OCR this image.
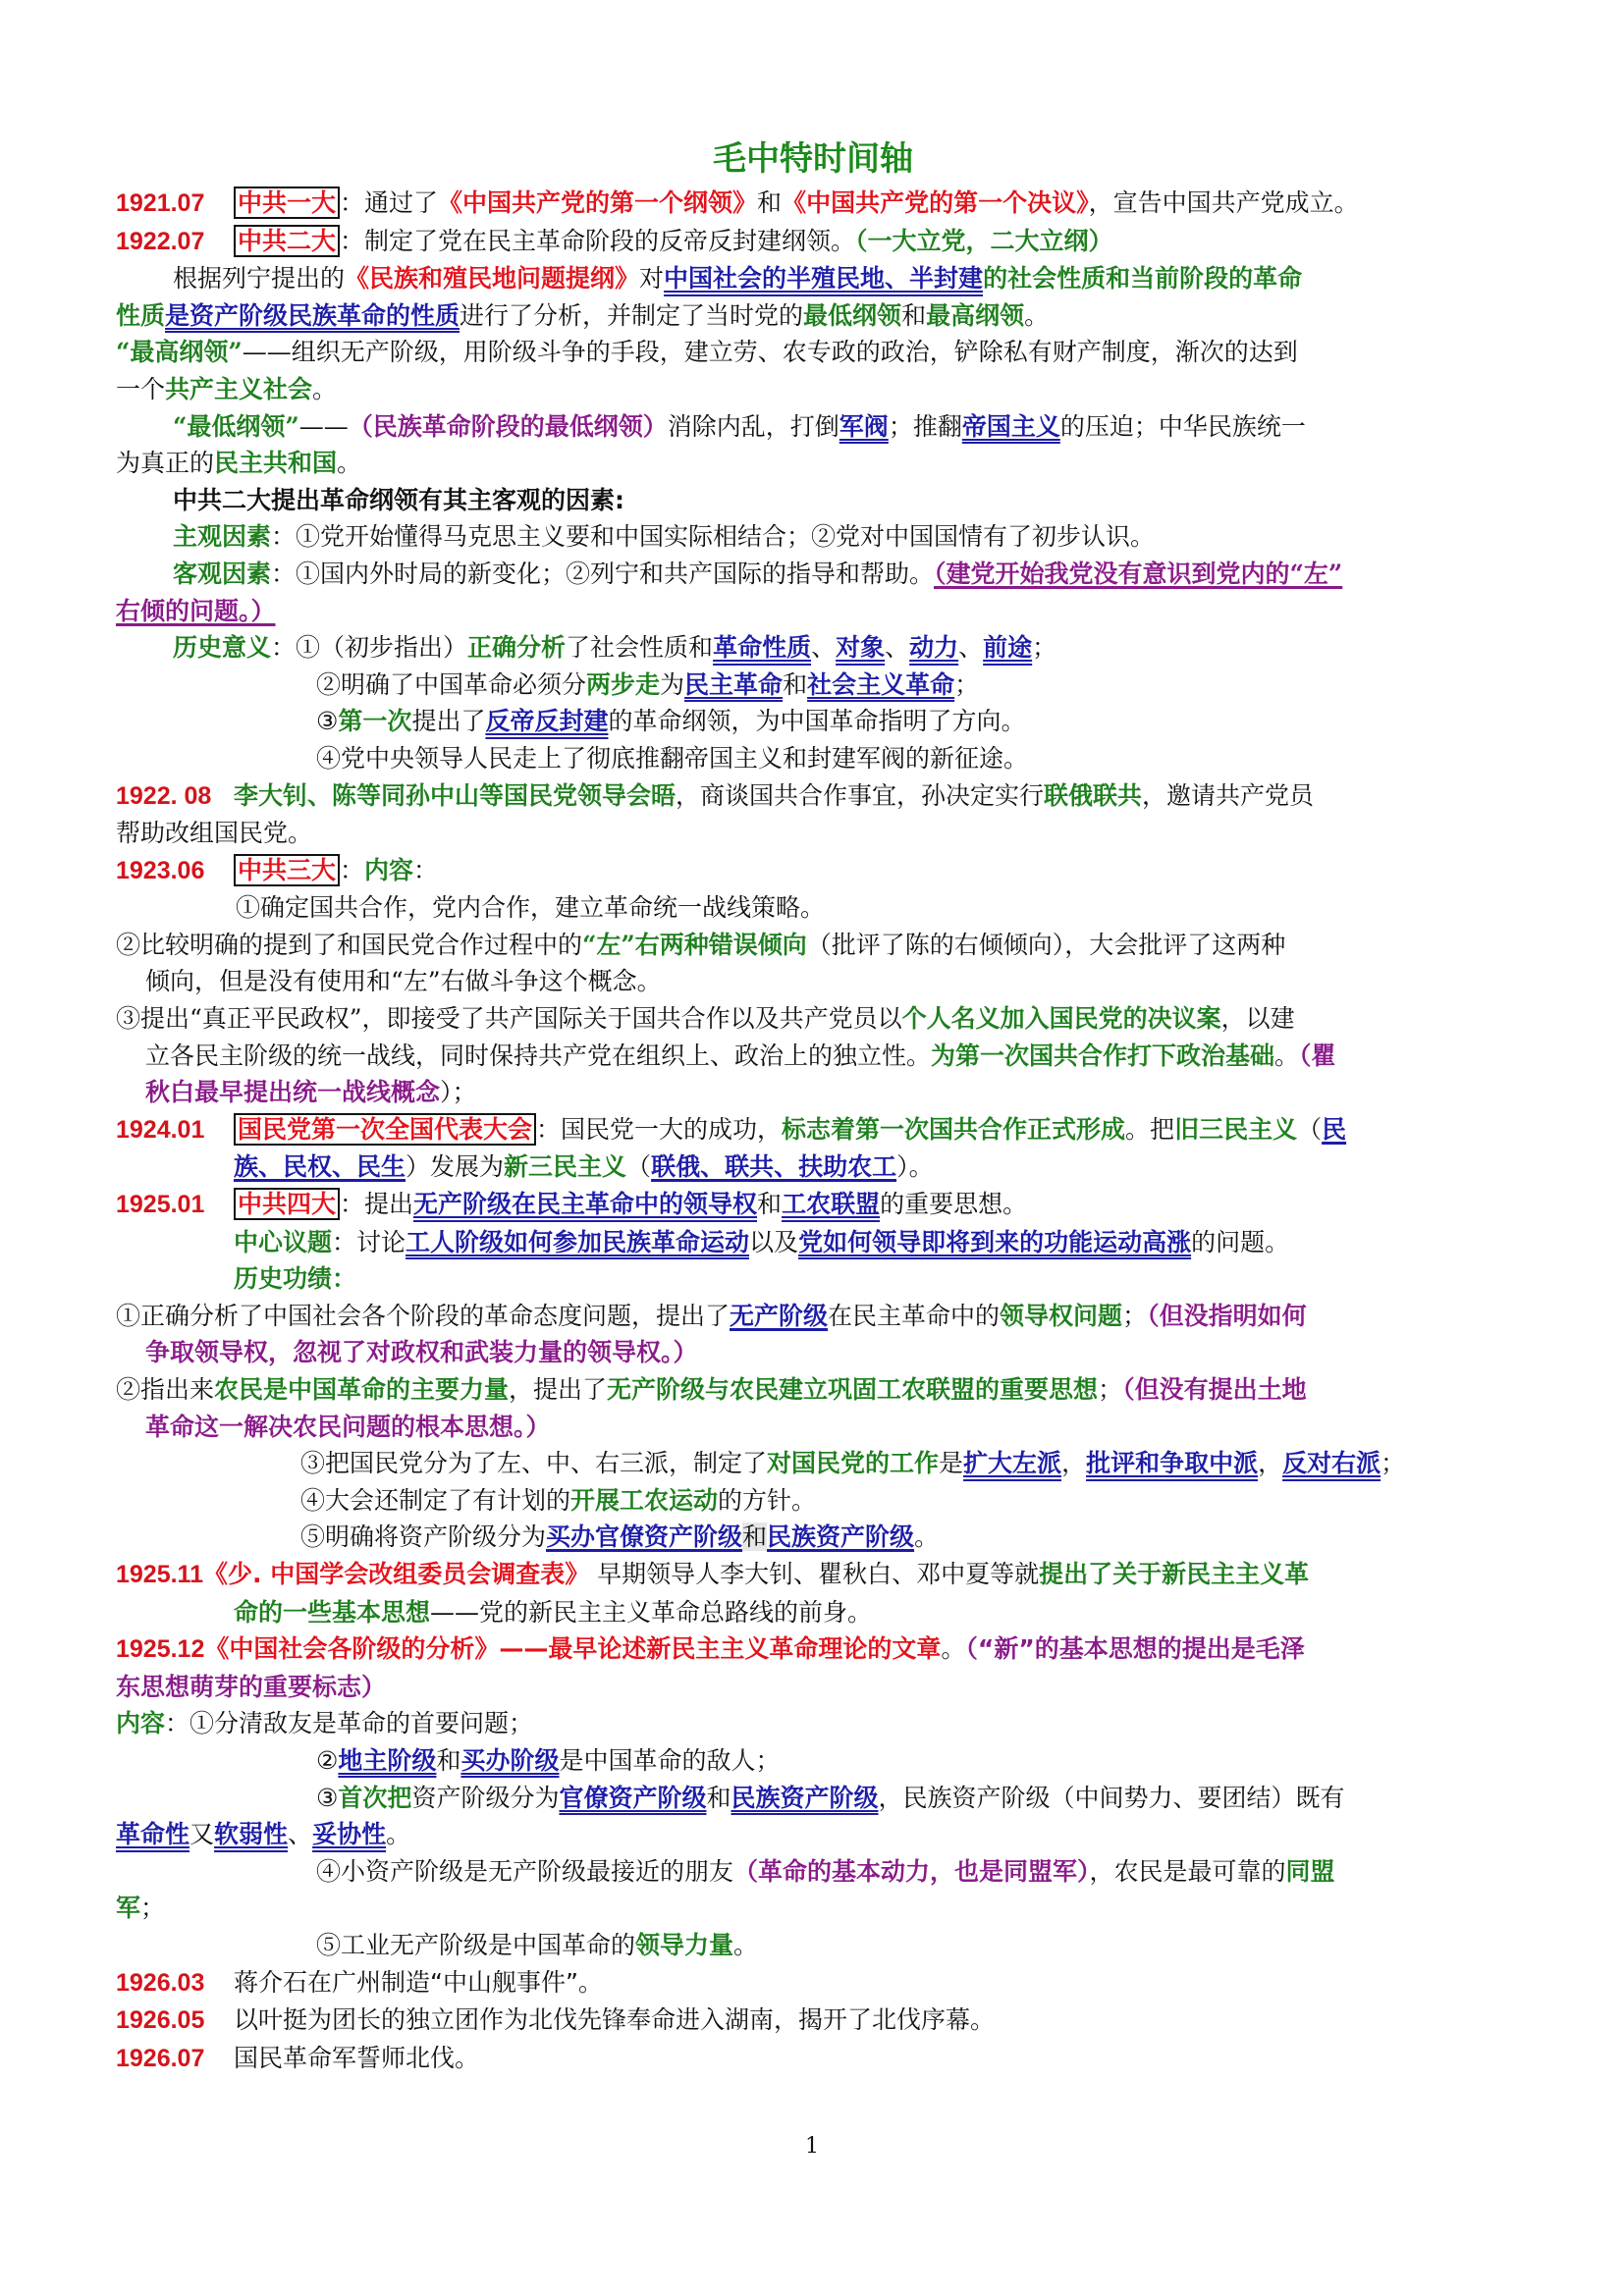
毛中特时间轴
1921.07 中共一大 ：通过了《中国共产党的第一个纲领》和《中国共产党的第一个决议》，宣告中国共产党成立。
1922.07 中共二大 ：制定了党在民主革命阶段的反帝反封建纲领。（一大立党，二大立纲）
根据列宁提出的《民族和殖民地问题提纲》对中国社会的半殖民地、半封建的社会性质和当前阶段的革命
性质是资产阶级民族革命的性质进行了分析，并制定了当时党的最低纲领和最高纲领。
“最高纲领”——组织无产阶级，用阶级斗争的手段，建立劳、农专政的政治，铲除私有财产制度，渐次的达到
一个共产主义社会。
“最低纲领”——（民族革命阶段的最低纲领）消除内乱，打倒军阀；推翻帝国主义的压迫；中华民族统一
为真正的民主共和国。
中共二大提出革命纲领有其主客观的因素:
主观因素：①党开始懂得马克思主义要和中国实际相结合；②党对中国国情有了初步认识。
客观因素：①国内外时局的新变化；②列宁和共产国际的指导和帮助。（建党开始我党没有意识到党内的“左”
右倾的问题。）
历史意义：①（初步指出）正确分析了社会性质和革命性质、对象、动力、前途；
②明确了中国革命必须分两步走为民主革命和社会主义革命；
③第一次提出了反帝反封建的革命纲领，为中国革命指明了方向。
④党中央领导人民走上了彻底推翻帝国主义和封建军阀的新征途。
1922. 08 李大钊、陈等同孙中山等国民党领导会晤，商谈国共合作事宜，孙决定实行联俄联共，邀请共产党员
帮助改组国民党。
1923.06 中共三大 ：内容：
①确定国共合作，党内合作，建立革命统一战线策略。
②比较明确的提到了和国民党合作过程中的“左”右两种错误倾向（批评了陈的右倾倾向），大会批评了这两种
倾向，但是没有使用和“左”右做斗争这个概念。
③提出“真正平民政权”，即接受了共产国际关于国共合作以及共产党员以个人名义加入国民党的决议案，以建
立各民主阶级的统一战线，同时保持共产党在组织上、政治上的独立性。为第一次国共合作打下政治基础。（瞿
秋白最早提出统一战线概念）；
1924.01 国民党第一次全国代表大会 ：国民党一大的成功，标志着第一次国共合作正式形成。把旧三民主义（民
族、民权、民生）发展为新三民主义（联俄、联共、扶助农工）。
1925.01 中共四大 ：提出无产阶级在民主革命中的领导权和工农联盟的重要思想。
中心议题：讨论工人阶级如何参加民族革命运动以及党如何领导即将到来的功能运动高涨的问题。
历史功绩：
①正确分析了中国社会各个阶段的革命态度问题，提出了无产阶级在民主革命中的领导权问题；（但没指明如何
争取领导权，忽视了对政权和武装力量的领导权。）
②指出来农民是中国革命的主要力量，提出了无产阶级与农民建立巩固工农联盟的重要思想；（但没有提出土地
革命这一解决农民问题的根本思想。）
③把国民党分为了左、中、右三派，制定了对国民党的工作是扩大左派，批评和争取中派，反对右派；
④大会还制定了有计划的开展工农运动的方针。
⑤明确将资产阶级分为买办官僚资产阶级和民族资产阶级。
1925.11《少. 中国学会改组委员会调查表》 早期领导人李大钊、瞿秋白、邓中夏等就提出了关于新民主主义革
命的一些基本思想——党的新民主主义革命总路线的前身。
1925.12《中国社会各阶级的分析》——最早论述新民主主义革命理论的文章。（“新”的基本思想的提出是毛泽
东思想萌芽的重要标志）
内容：①分清敌友是革命的首要问题；
②地主阶级和买办阶级是中国革命的敌人；
③首次把资产阶级分为官僚资产阶级和民族资产阶级，民族资产阶级（中间势力、要团结）既有
革命性又软弱性、妥协性。
④小资产阶级是无产阶级最接近的朋友（革命的基本动力，也是同盟军），农民是最可靠的同盟
军；
⑤工业无产阶级是中国革命的领导力量。
1926.03 蒋介石在广州制造“中山舰事件”。
1926.05 以叶挺为团长的独立团作为北伐先锋奉命进入湖南，揭开了北伐序幕。
1926.07 国民革命军誓师北伐。
1
